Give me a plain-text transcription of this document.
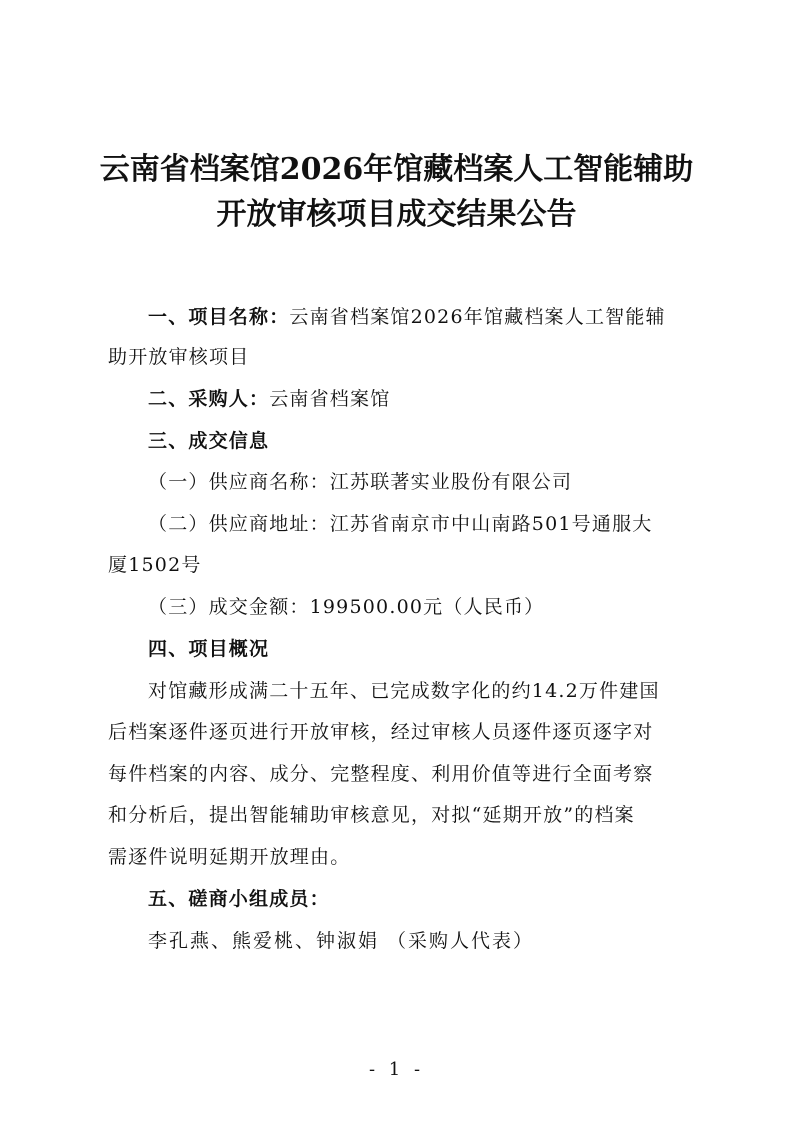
云南省档案馆2026年馆藏档案人工智能辅助
开放审核项目成交结果公告
一、项目名称：云南省档案馆2026年馆藏档案人工智能辅
助开放审核项目
二、采购人：云南省档案馆
三、成交信息
（一）供应商名称：江苏联著实业股份有限公司
（二）供应商地址：江苏省南京市中山南路501号通服大
厦1502号
（三）成交金额：199500.00元（人民币）
四、项目概况
对馆藏形成满二十五年、已完成数字化的约14.2万件建国
后档案逐件逐页进行开放审核，经过审核人员逐件逐页逐字对
每件档案的内容、成分、完整程度、利用价值等进行全面考察
和分析后，提出智能辅助审核意见，对拟“延期开放”的档案
需逐件说明延期开放理由。
五、磋商小组成员：
李孔燕、熊爱桃、钟淑娟 （采购人代表）
- 1 -
